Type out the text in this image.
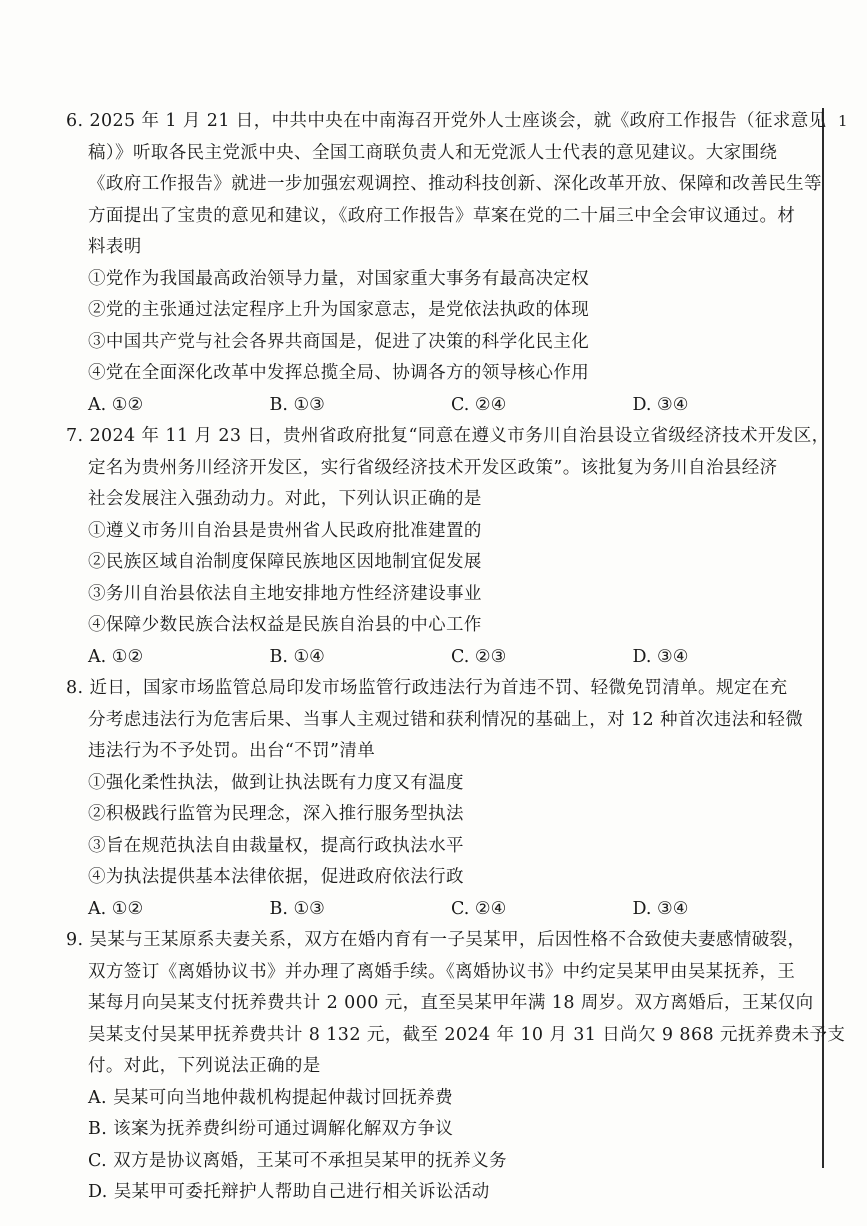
1
6. 2025 年 1 月 21 日，中共中央在中南海召开党外人士座谈会，就《政府工作报告（征求意见
稿）》听取各民主党派中央、全国工商联负责人和无党派人士代表的意见建议。大家围绕
《政府工作报告》就进一步加强宏观调控、推动科技创新、深化改革开放、保障和改善民生等
方面提出了宝贵的意见和建议，《政府工作报告》草案在党的二十届三中全会审议通过。材
料表明
①党作为我国最高政治领导力量，对国家重大事务有最高决定权
②党的主张通过法定程序上升为国家意志，是党依法执政的体现
③中国共产党与社会各界共商国是，促进了决策的科学化民主化
④党在全面深化改革中发挥总揽全局、协调各方的领导核心作用
A. ①②	B. ①③	C. ②④	D. ③④
7. 2024 年 11 月 23 日，贵州省政府批复“同意在遵义市务川自治县设立省级经济技术开发区，
定名为贵州务川经济开发区，实行省级经济技术开发区政策”。该批复为务川自治县经济
社会发展注入强劲动力。对此，下列认识正确的是
①遵义市务川自治县是贵州省人民政府批准建置的
②民族区域自治制度保障民族地区因地制宜促发展
③务川自治县依法自主地安排地方性经济建设事业
④保障少数民族合法权益是民族自治县的中心工作
A. ①②	B. ①④	C. ②③	D. ③④
8. 近日，国家市场监管总局印发市场监管行政违法行为首违不罚、轻微免罚清单。规定在充
分考虑违法行为危害后果、当事人主观过错和获利情况的基础上，对 12 种首次违法和轻微
违法行为不予处罚。出台“不罚”清单
①强化柔性执法，做到让执法既有力度又有温度
②积极践行监管为民理念，深入推行服务型执法
③旨在规范执法自由裁量权，提高行政执法水平
④为执法提供基本法律依据，促进政府依法行政
A. ①②	B. ①③	C. ②④	D. ③④
9. 吴某与王某原系夫妻关系，双方在婚内育有一子吴某甲，后因性格不合致使夫妻感情破裂，
双方签订《离婚协议书》并办理了离婚手续。《离婚协议书》中约定吴某甲由吴某抚养，王
某每月向吴某支付抚养费共计 2 000 元，直至吴某甲年满 18 周岁。双方离婚后，王某仅向
吴某支付吴某甲抚养费共计 8 132 元，截至 2024 年 10 月 31 日尚欠 9 868 元抚养费未予支
付。对此，下列说法正确的是
A. 吴某可向当地仲裁机构提起仲裁讨回抚养费
B. 该案为抚养费纠纷可通过调解化解双方争议
C. 双方是协议离婚，王某可不承担吴某甲的抚养义务
D. 吴某甲可委托辩护人帮助自己进行相关诉讼活动
